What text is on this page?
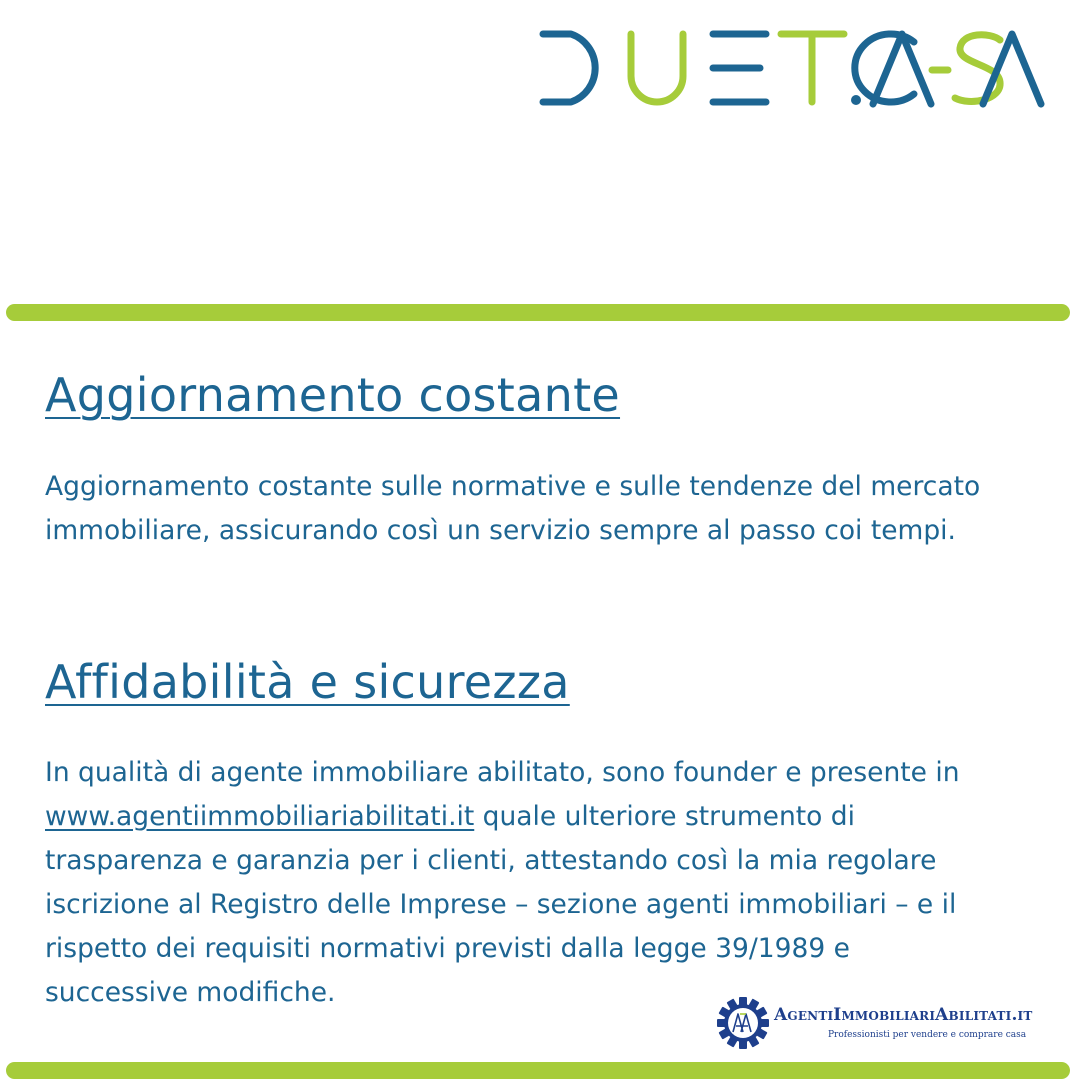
Aggiornamento costante

Aggiornamento costante sulle normative e sulle tendenze del mercato immobiliare, assicurando così un servizio sempre al passo coi tempi.

Affidabilità e sicurezza

In qualità di agente immobiliare abilitato, sono founder e presente in www.agentiimmobiliariabilitati.it quale ulteriore strumento di trasparenza e garanzia per i clienti, attestando così la mia regolare iscrizione al Registro delle Imprese – sezione agenti immobiliari – e il rispetto dei requisiti normativi previsti dalla legge 39/1989 e successive modifiche.

AgentiImmobiliariAbilitati.it

Professionisti per vendere e comprare casa
